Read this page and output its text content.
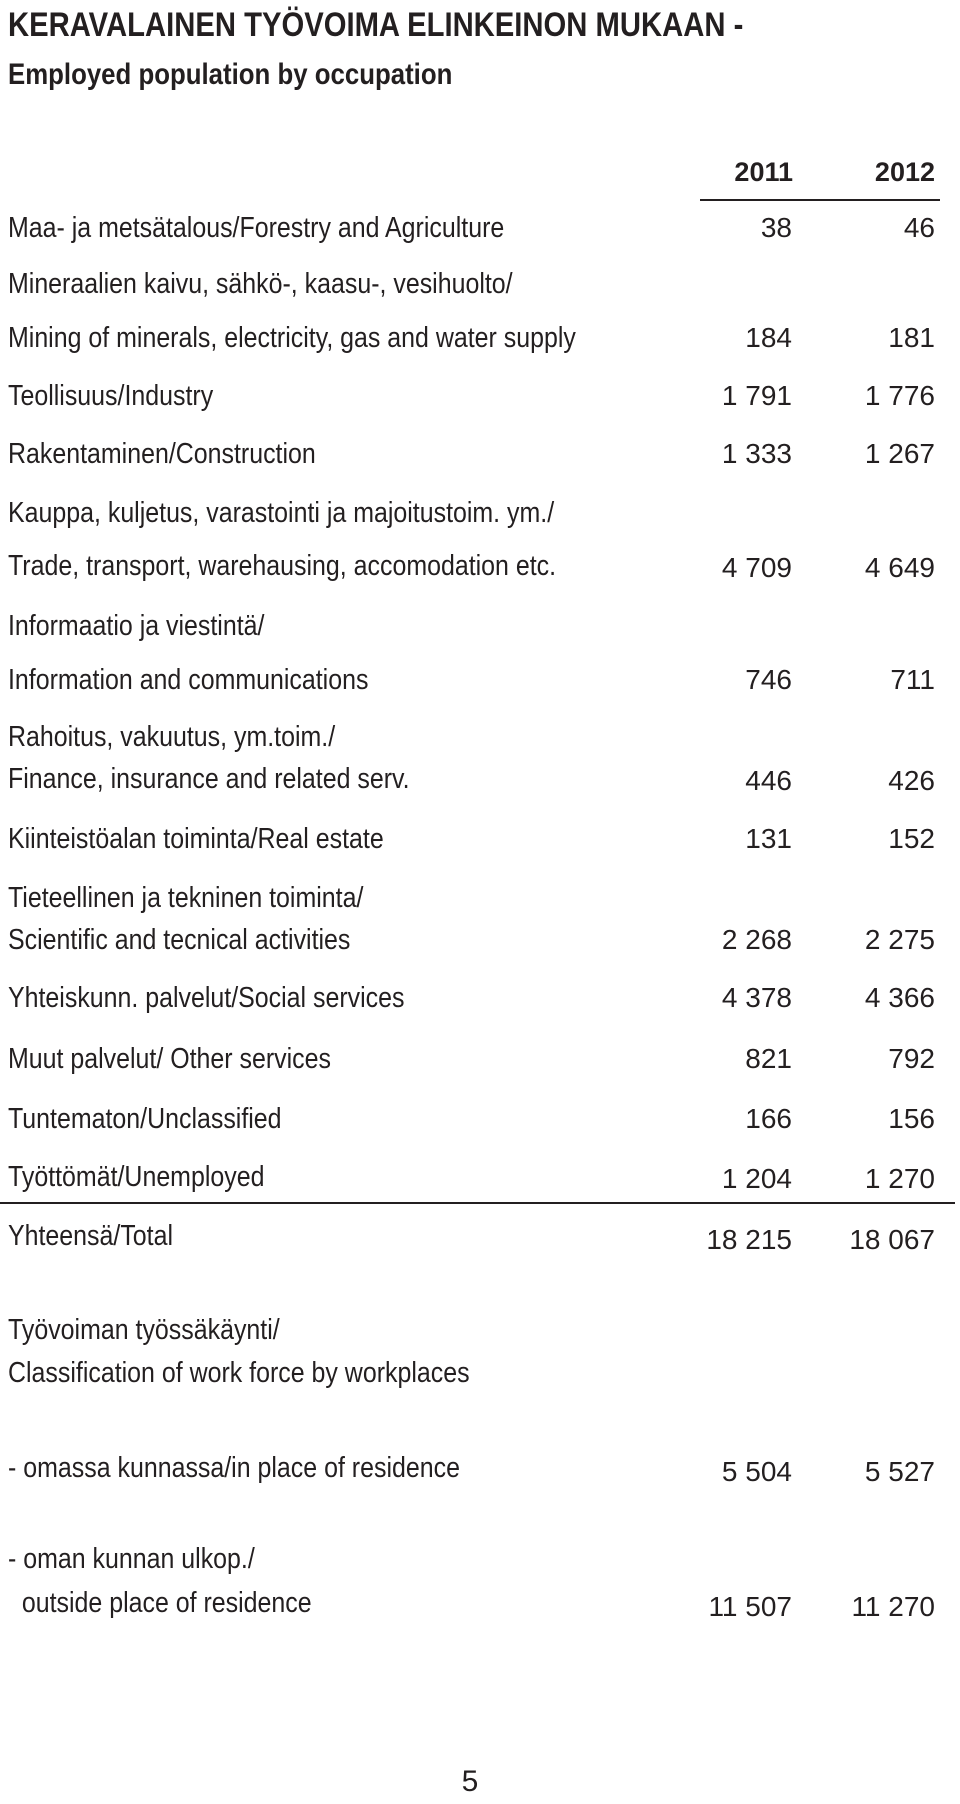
KERAVALAINEN TYÖVOIMA ELINKEINON MUKAAN -
Employed population by occupation
2011	2012
Maa- ja metsätalous/Forestry and Agriculture	38	46
Mineraalien kaivu, sähkö-, kaasu-, vesihuolto/
Mining of minerals, electricity, gas and water supply	184	181
Teollisuus/Industry	1 791	1 776
Rakentaminen/Construction	1 333	1 267
Kauppa, kuljetus, varastointi ja majoitustoim. ym./
Trade, transport, warehausing, accomodation etc.	4 709	4 649
Informaatio ja viestintä/
Information and communications	746	711
Rahoitus, vakuutus, ym.toim./
Finance, insurance and related serv.	446	426
Kiinteistöalan toiminta/Real estate	131	152
Tieteellinen ja tekninen toiminta/
Scientific and tecnical activities	2 268	2 275
Yhteiskunn. palvelut/Social services	4 378	4 366
Muut palvelut/ Other services	821	792
Tuntematon/Unclassified	166	156
Työttömät/Unemployed	1 204	1 270
Yhteensä/Total	18 215	18 067
Työvoiman työssäkäynti/
Classification of work force by workplaces
- omassa kunnassa/in place of residence	5 504	5 527
- oman kunnan ulkop./
outside place of residence	11 507	11 270
5
